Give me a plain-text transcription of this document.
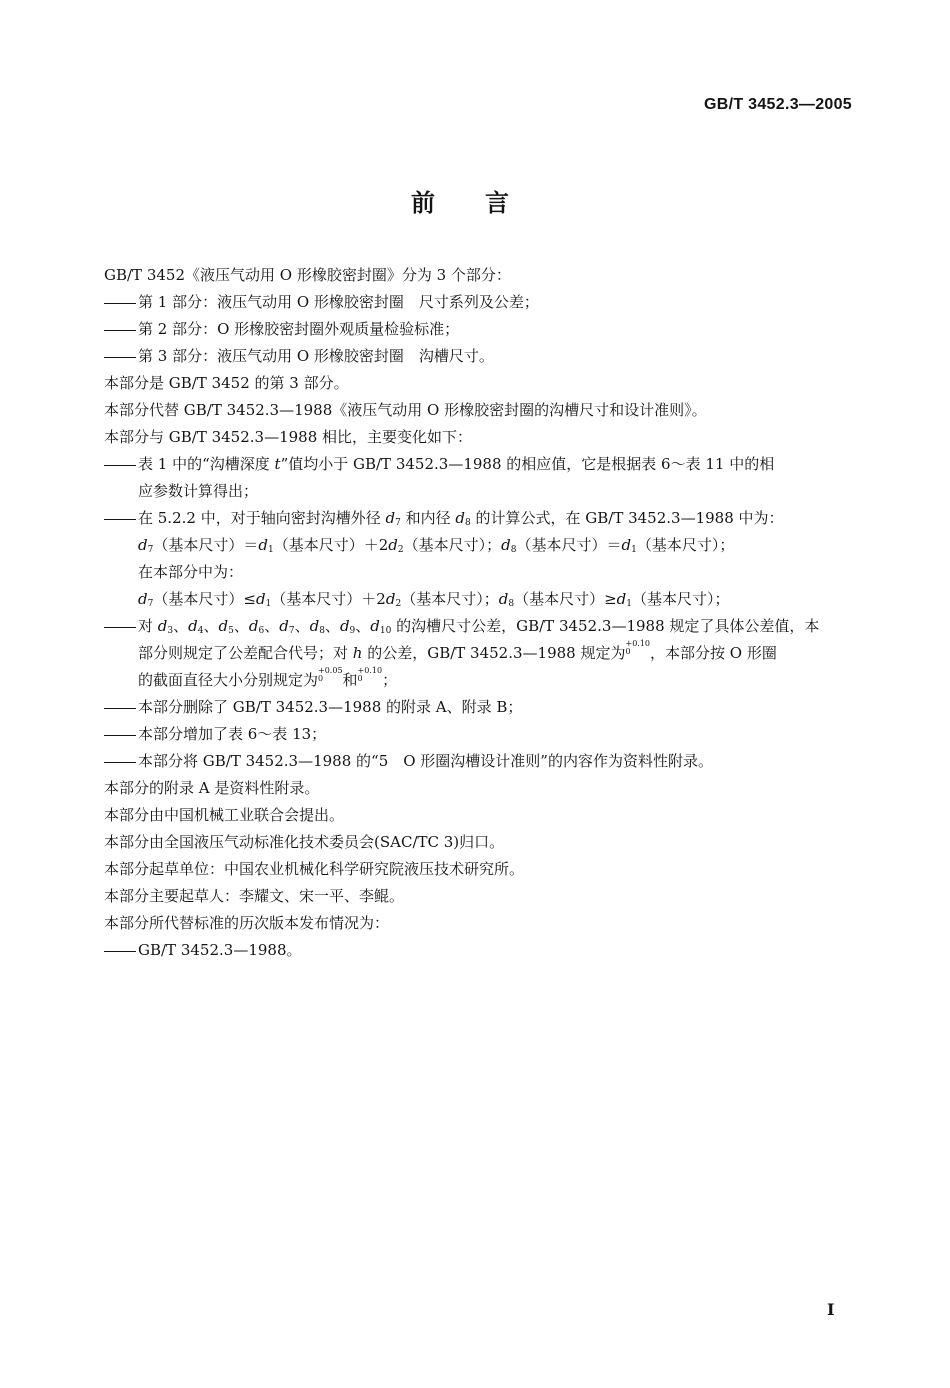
GB/T 3452.3—2005
前言

GB/T 3452《液压气动用 O 形橡胶密封圈》分为 3 个部分：

第 1 部分：液压气动用 O 形橡胶密封圈　尺寸系列及公差；

第 2 部分：O 形橡胶密封圈外观质量检验标准；

第 3 部分：液压气动用 O 形橡胶密封圈　沟槽尺寸。

本部分是 GB/T 3452 的第 3 部分。

本部分代替 GB/T 3452.3—1988《液压气动用 O 形橡胶密封圈的沟槽尺寸和设计准则》。

本部分与 GB/T 3452.3—1988 相比，主要变化如下：

表 1 中的“沟槽深度 t”值均小于 GB/T 3452.3—1988 的相应值，它是根据表 6～表 11 中的相

应参数计算得出；

在 5.2.2 中，对于轴向密封沟槽外径 $d_7$ 和内径 $d_8$ 的计算公式，在 GB/T 3452.3—1988 中为：

$d_7$（基本尺寸）$=d_1$（基本尺寸）$+2d_2$（基本尺寸）；$d_8$（基本尺寸）$=d_1$（基本尺寸）；

在本部分中为：

$d_7$（基本尺寸）$\le d_1$（基本尺寸）$+2d_2$（基本尺寸）；$d_8$（基本尺寸）$\ge d_1$（基本尺寸）；

对 $d_3$、$d_4$、$d_5$、$d_6$、$d_7$、$d_8$、$d_9$、$d_{10}$ 的沟槽尺寸公差，GB/T 3452.3—1988 规定了具体公差值，本

部分则规定了公差配合代号；对 h 的公差，GB/T 3452.3—1988 规定为
+0.10
0	，本部分按 O 形圈

的截面直径大小分别规定为
+0.05
0	和
+0.10
0	；

本部分删除了 GB/T 3452.3—1988 的附录 A、附录 B；

本部分增加了表 6～表 13；

本部分将 GB/T 3452.3—1988 的“5　O 形圈沟槽设计准则”的内容作为资料性附录。

本部分的附录 A 是资料性附录。

本部分由中国机械工业联合会提出。

本部分由全国液压气动标准化技术委员会(SAC/TC 3)归口。

本部分起草单位：中国农业机械化科学研究院液压技术研究所。

本部分主要起草人：李耀文、宋一平、李鲲。

本部分所代替标准的历次版本发布情况为：

GB/T 3452.3—1988。

I
